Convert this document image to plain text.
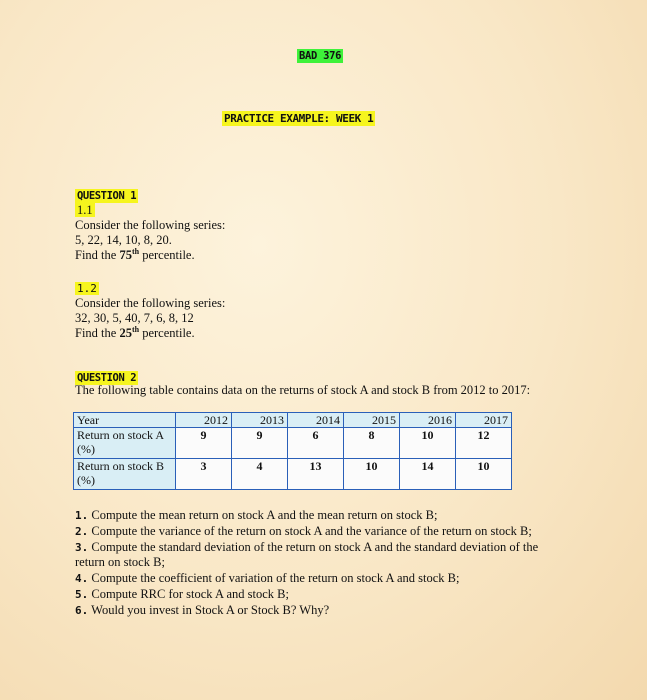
BAD 376
PRACTICE EXAMPLE: WEEK 1
QUESTION 1
1.1
Consider the following series:
5, 22, 14, 10, 8, 20.
Find the 75th percentile.
1.2
Consider the following series:
32, 30, 5, 40, 7, 6, 8, 12
Find the 25th percentile.
QUESTION 2
The following table contains data on the returns of stock A and stock B from 2012 to 2017:
Year	2012	2013	2014	2015	2016	2017
Return on stock A (%)	9	9	6	8	10	12
Return on stock B (%)	3	4	13	10	14	10
1. Compute the mean return on stock A and the mean return on stock B;
2. Compute the variance of the return on stock A and the variance of the return on stock B;
3. Compute the standard deviation of the return on stock A and the standard deviation of the return on stock B;
4. Compute the coefficient of variation of the return on stock A and stock B;
5. Compute RRC for stock A and stock B;
6. Would you invest in Stock A or Stock B? Why?
